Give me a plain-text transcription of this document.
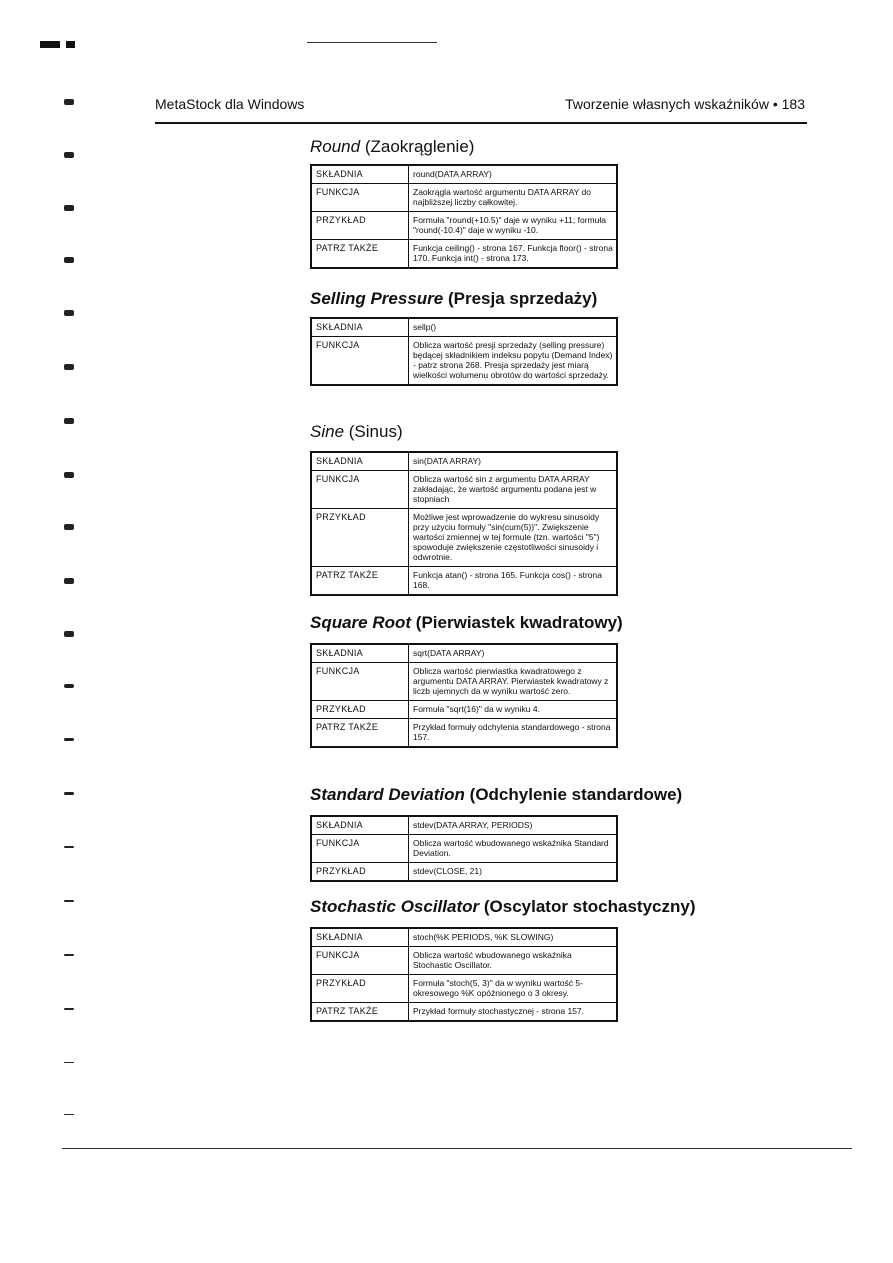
MetaStock dla Windows	Tworzenie własnych wskaźników • 183
Round (Zaokrąglenie)
SKŁADNIA	round(DATA ARRAY)
FUNKCJA	Zaokrągla wartość argumentu DATA ARRAY do najbliższej liczby całkowitej.
PRZYKŁAD	Formuła "round(+10.5)" daje w wyniku +11; formuła "round(-10.4)" daje w wyniku -10.
PATRZ TAKŻE	Funkcja ceiling() - strona 167. Funkcja floor() - strona 170. Funkcja int() - strona 173.
Selling Pressure (Presja sprzedaży)
SKŁADNIA	sellp()
FUNKCJA	Oblicza wartość presji sprzedaży (selling pressure) będącej składnikiem indeksu popytu (Demand Index) - patrz strona 268. Presja sprzedaży jest miarą wielkości wolumenu obrotów do wartości sprzedaży.
Sine (Sinus)
SKŁADNIA	sin(DATA ARRAY)
FUNKCJA	Oblicza wartość sin z argumentu DATA ARRAY zakładając, że wartość argumentu podana jest w stopniach
PRZYKŁAD	Możliwe jest wprowadzenie do wykresu sinusoidy przy użyciu formuły "sin(cum(5))". Zwiększenie wartości zmiennej w tej formule (tzn. wartości "5") spowoduje zwiększenie częstotliwości sinusoidy i odwrotnie.
PATRZ TAKŻE	Funkcja atan() - strona 165. Funkcja cos() - strona 168.
Square Root (Pierwiastek kwadratowy)
SKŁADNIA	sqrt(DATA ARRAY)
FUNKCJA	Oblicza wartość pierwiastka kwadratowego z argumentu DATA ARRAY. Pierwiastek kwadratowy z liczb ujemnych da w wyniku wartość zero.
PRZYKŁAD	Formuła "sqrt(16)" da w wyniku 4.
PATRZ TAKŻE	Przykład formuły odchylenia standardowego - strona 157.
Standard Deviation (Odchylenie standardowe)
SKŁADNIA	stdev(DATA ARRAY, PERIODS)
FUNKCJA	Oblicza wartość wbudowanego wskaźnika Standard Deviation.
PRZYKŁAD	stdev(CLOSE, 21)
Stochastic Oscillator (Oscylator stochastyczny)
SKŁADNIA	stoch(%K PERIODS, %K SLOWING)
FUNKCJA	Oblicza wartość wbudowanego wskaźnika Stochastic Oscillator.
PRZYKŁAD	Formuła "stoch(5, 3)" da w wyniku wartość 5-okresowego %K opóźnionego o 3 okresy.
PATRZ TAKŻE	Przykład formuły stochastycznej - strona 157.
